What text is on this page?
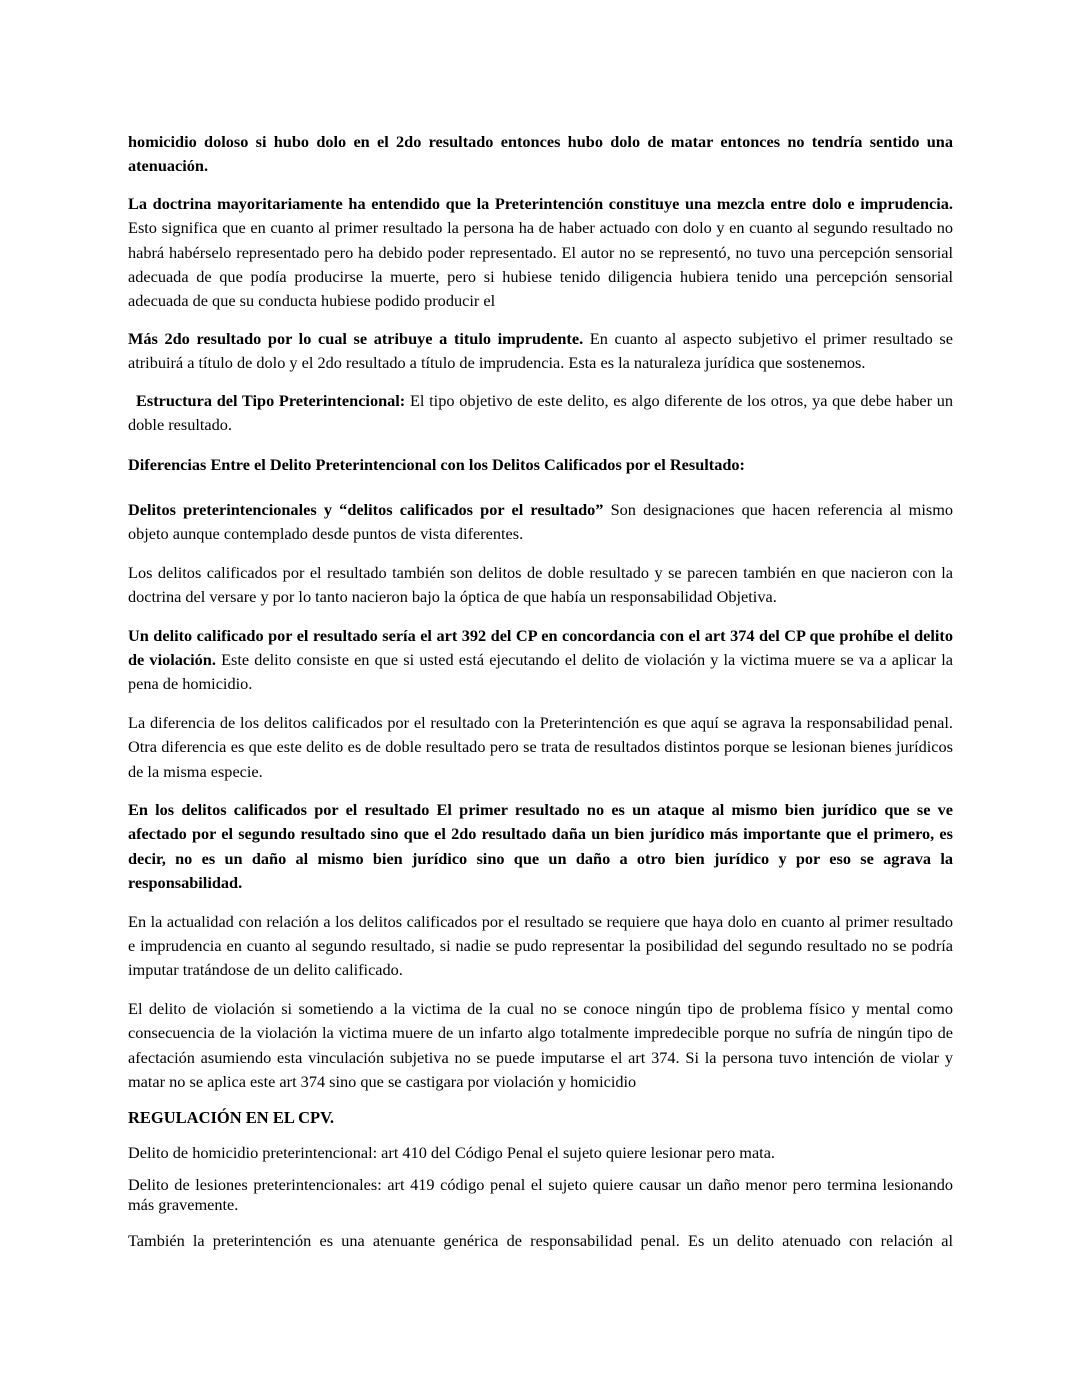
homicidio doloso si hubo dolo en el 2do resultado entonces hubo dolo de matar entonces no tendría sentido una atenuación.

La doctrina mayoritariamente ha entendido que la Preterintención constituye una mezcla entre dolo e imprudencia. Esto significa que en cuanto al primer resultado la persona ha de haber actuado con dolo y en cuanto al segundo resultado no habrá habérselo representado pero ha debido poder representado. El autor no se representó, no tuvo una percepción sensorial adecuada de que podía producirse la muerte, pero si hubiese tenido diligencia hubiera tenido una percepción sensorial adecuada de que su conducta hubiese podido producir el

Más 2do resultado por lo cual se atribuye a titulo imprudente. En cuanto al aspecto subjetivo el primer resultado se atribuirá a título de dolo y el 2do resultado a título de imprudencia. Esta es la naturaleza jurídica que sostenemos.

Estructura del Tipo Preterintencional: El tipo objetivo de este delito, es algo diferente de los otros, ya que debe haber un doble resultado.

Diferencias Entre el Delito Preterintencional con los Delitos Calificados por el Resultado:

Delitos preterintencionales y “delitos calificados por el resultado” Son designaciones que hacen referencia al mismo objeto aunque contemplado desde puntos de vista diferentes.

Los delitos calificados por el resultado también son delitos de doble resultado y se parecen también en que nacieron con la doctrina del versare y por lo tanto nacieron bajo la óptica de que había un responsabilidad Objetiva.

Un delito calificado por el resultado sería el art 392 del CP en concordancia con el art 374 del CP que prohíbe el delito de violación. Este delito consiste en que si usted está ejecutando el delito de violación y la victima muere se va a aplicar la pena de homicidio.

La diferencia de los delitos calificados por el resultado con la Preterintención es que aquí se agrava la responsabilidad penal. Otra diferencia es que este delito es de doble resultado pero se trata de resultados distintos porque se lesionan bienes jurídicos de la misma especie.

En los delitos calificados por el resultado El primer resultado no es un ataque al mismo bien jurídico que se ve afectado por el segundo resultado sino que el 2do resultado daña un bien jurídico más importante que el primero, es decir, no es un daño al mismo bien jurídico sino que un daño a otro bien jurídico y por eso se agrava la responsabilidad.

En la actualidad con relación a los delitos calificados por el resultado se requiere que haya dolo en cuanto al primer resultado e imprudencia en cuanto al segundo resultado, si nadie se pudo representar la posibilidad del segundo resultado no se podría imputar tratándose de un delito calificado.

El delito de violación si sometiendo a la victima de la cual no se conoce ningún tipo de problema físico y mental como consecuencia de la violación la victima muere de un infarto algo totalmente impredecible porque no sufría de ningún tipo de afectación asumiendo esta vinculación subjetiva no se puede imputarse el art 374. Si la persona tuvo intención de violar y matar no se aplica este art 374 sino que se castigara por violación y homicidio

REGULACIÓN EN EL CPV.

Delito de homicidio preterintencional: art 410 del Código Penal el sujeto quiere lesionar pero mata.

Delito de lesiones preterintencionales: art 419 código penal el sujeto quiere causar un daño menor pero termina lesionando más gravemente.

También la preterintención es una atenuante genérica de responsabilidad penal. Es un delito atenuado con relación al
